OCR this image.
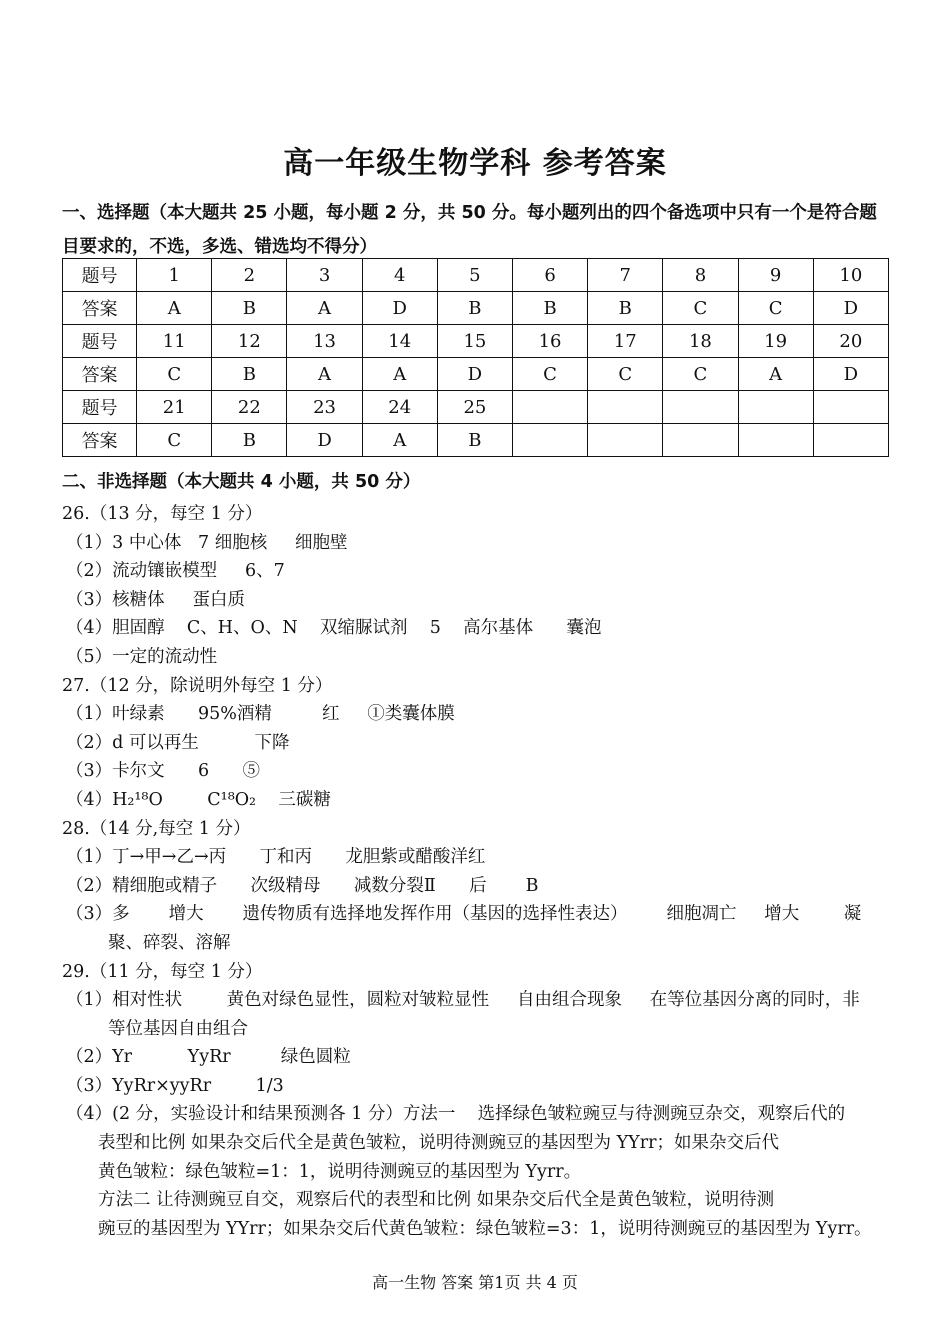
高一年级生物学科 参考答案
一、选择题（本大题共 25 小题，每小题 2 分，共 50 分。每小题列出的四个备选项中只有一个是符合题目要求的，不选，多选、错选均不得分）
题号	1	2	3	4	5	6	7	8	9	10
答案	A	B	A	D	B	B	B	C	C	D
题号	11	12	13	14	15	16	17	18	19	20
答案	C	B	A	A	D	C	C	C	A	D
题号	21	22	23	24	25					
答案	C	B	D	A	B					
二、非选择题（本大题共 4 小题，共 50 分）

26.（13 分，每空 1 分）

（1）3 中心体   7 细胞核     细胞壁

（2）流动镶嵌模型     6、7

（3）核糖体     蛋白质

（4）胆固醇    C、H、O、N    双缩脲试剂    5    高尔基体      囊泡

（5）一定的流动性

27.（12 分，除说明外每空 1 分）

（1）叶绿素      95%酒精         红     ①类囊体膜

（2）d 可以再生          下降

（3）卡尔文      6      ⑤

（4）H₂¹⁸O        C¹⁸O₂    三碳糖

28.（14 分,每空 1 分）

（1）丁→甲→乙→丙      丁和丙      龙胆紫或醋酸洋红

（2）精细胞或精子      次级精母      减数分裂Ⅱ      后       B

（3）多       增大       遗传物质有选择地发挥作用（基因的选择性表达）       细胞凋亡     增大        凝

聚、碎裂、溶解

29.（11 分，每空 1 分）

（1）相对性状        黄色对绿色显性，圆粒对皱粒显性     自由组合现象     在等位基因分离的同时，非

等位基因自由组合

（2）Yr          YyRr         绿色圆粒

（3）YyRr×yyRr        1/3

（4）(2 分，实验设计和结果预测各 1 分）方法一    选择绿色皱粒豌豆与待测豌豆杂交，观察后代的

表型和比例 如果杂交后代全是黄色皱粒，说明待测豌豆的基因型为 YYrr；如果杂交后代

黄色皱粒：绿色皱粒=1：1，说明待测豌豆的基因型为 Yyrr。

方法二 让待测豌豆自交，观察后代的表型和比例 如果杂交后代全是黄色皱粒，说明待测

豌豆的基因型为 YYrr；如果杂交后代黄色皱粒：绿色皱粒=3：1，说明待测豌豆的基因型为 Yyrr。

高一生物 答案 第1页 共 4 页
